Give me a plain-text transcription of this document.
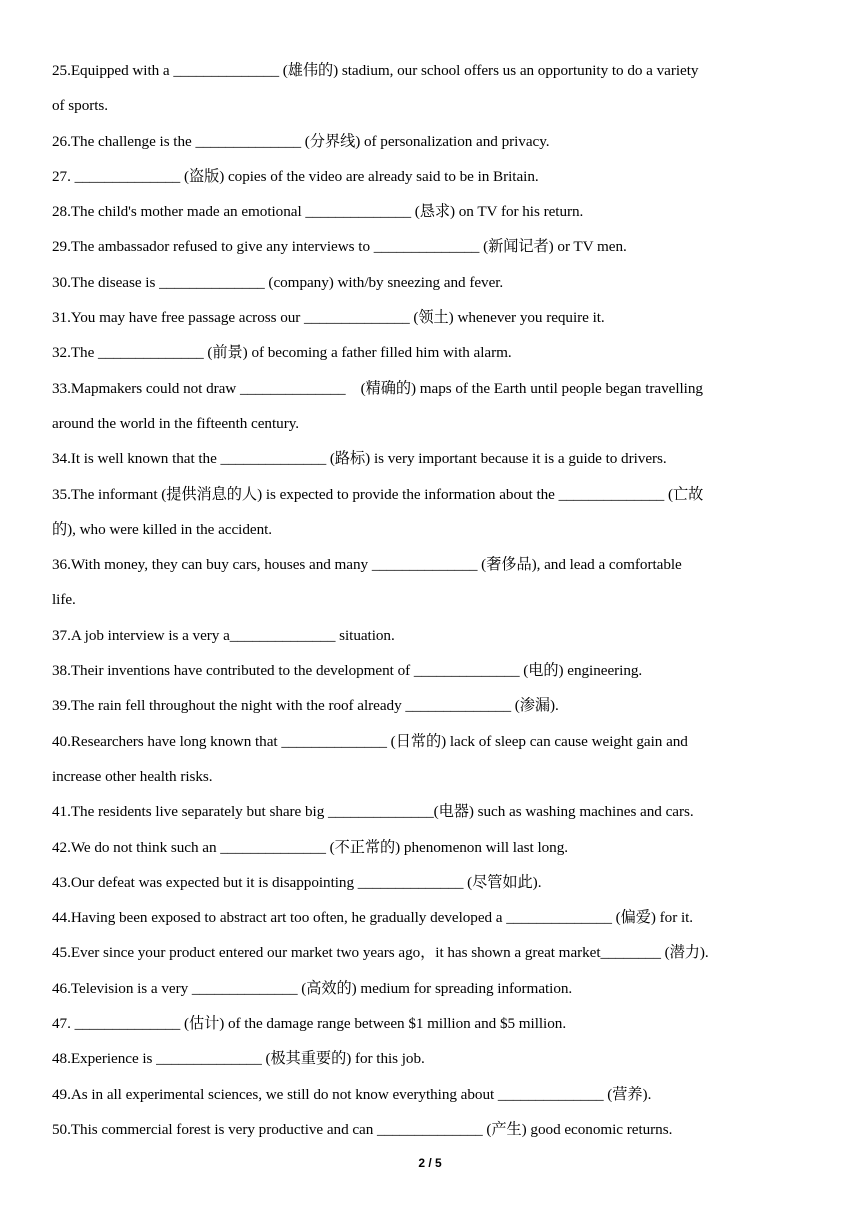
25.Equipped with a ______________ (雄伟的) stadium, our school offers us an opportunity to do a variety
of sports.
26.The challenge is the ______________ (分界线) of personalization and privacy.
27. ______________ (盗版) copies of the video are already said to be in Britain.
28.The child's mother made an emotional ______________ (恳求) on TV for his return.
29.The ambassador refused to give any interviews to ______________ (新闻记者) or TV men.
30.The disease is ______________ (company) with/by sneezing and fever.
31.You may have free passage across our ______________ (领土) whenever you require it.
32.The ______________ (前景) of becoming a father filled him with alarm.
33.Mapmakers could not draw ______________    (精确的) maps of the Earth until people began travelling
around the world in the fifteenth century.
34.It is well known that the ______________ (路标) is very important because it is a guide to drivers.
35.The informant (提供消息的人) is expected to provide the information about the ______________ (亡故
的), who were killed in the accident.
36.With money, they can buy cars, houses and many ______________ (奢侈品), and lead a comfortable
life.
37.A job interview is a very a______________ situation.
38.Their inventions have contributed to the development of ______________ (电的) engineering.
39.The rain fell throughout the night with the roof already ______________ (渗漏).
40.Researchers have long known that ______________ (日常的) lack of sleep can cause weight gain and
increase other health risks.
41.The residents live separately but share big ______________(电器) such as washing machines and cars.
42.We do not think such an ______________ (不正常的) phenomenon will last long.
43.Our defeat was expected but it is disappointing ______________ (尽管如此).
44.Having been exposed to abstract art too often, he gradually developed a ______________ (偏爱) for it.
45.Ever since your product entered our market two years ago，it has shown a great market________ (潜力).
46.Television is a very ______________ (高效的) medium for spreading information.
47. ______________ (估计) of the damage range between $1 million and $5 million.
48.Experience is ______________ (极其重要的) for this job.
49.As in all experimental sciences, we still do not know everything about ______________ (营养).
50.This commercial forest is very productive and can ______________ (产生) good economic returns.
2 / 5
